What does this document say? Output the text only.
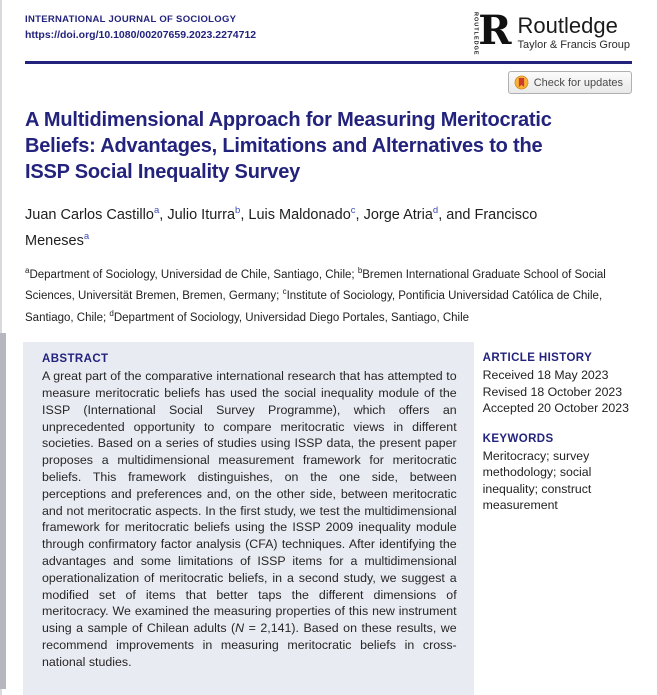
INTERNATIONAL JOURNAL OF SOCIOLOGY
https://doi.org/10.1080/00207659.2023.2274712	ROUTLEDGE R Routledge
Taylor & Francis Group
Check for updates
A Multidimensional Approach for Measuring Meritocratic
Beliefs: Advantages, Limitations and Alternatives to the
ISSP Social Inequality Survey
Juan Carlos Castillo$^a$, Julio Iturra$^b$, Luis Maldonado$^c$, Jorge Atria$^d$, and Francisco Meneses$^a$
$^a$Department of Sociology, Universidad de Chile, Santiago, Chile; $^b$Bremen International Graduate School of Social Sciences, Universität Bremen, Bremen, Germany; $^c$Institute of Sociology, Pontificia Universidad Católica de Chile, Santiago, Chile; $^d$Department of Sociology, Universidad Diego Portales, Santiago, Chile
ABSTRACT

A great part of the comparative international research that has attempted to measure meritocratic beliefs has used the social inequality module of the ISSP (International Social Survey Programme), which offers an unprecedented opportunity to compare meritocratic views in different societies. Based on a series of studies using ISSP data, the present paper proposes a multidimensional measurement framework for meritocratic beliefs. This framework distinguishes, on the one side, between perceptions and preferences and, on the other side, between meritocratic and not meritocratic aspects. In the first study, we test the multidimensional framework for meritocratic beliefs using the ISSP 2009 inequality module through confirmatory factor analysis (CFA) techniques. After identifying the advantages and some limitations of ISSP items for a multidimensional operationalization of meritocratic beliefs, in a second study, we suggest a modified set of items that better taps the different dimensions of meritocracy. We examined the measuring properties of this new instrument using a sample of Chilean adults (N = 2,141). Based on these results, we recommend improvements in measuring meritocratic beliefs in cross-national studies.

ARTICLE HISTORY
Received 18 May 2023
Revised 18 October 2023
Accepted 20 October 2023
KEYWORDS
Meritocracy; survey methodology; social inequality; construct measurement
